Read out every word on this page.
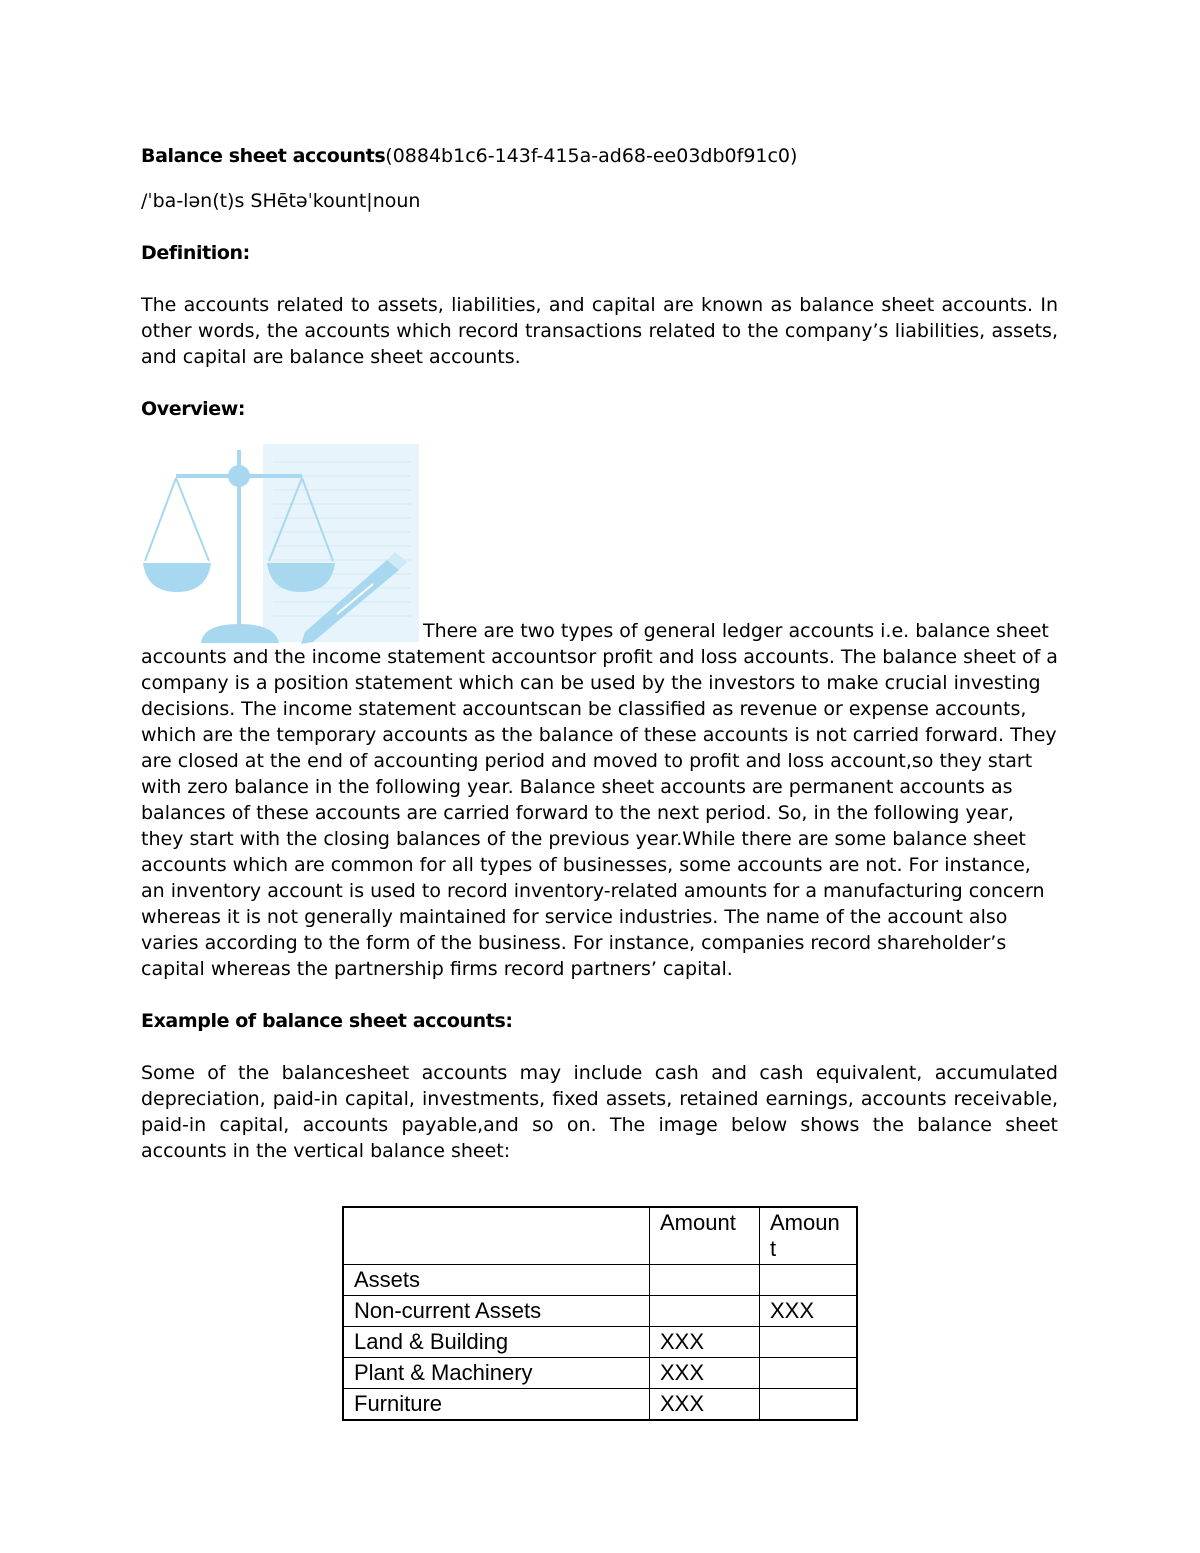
Balance sheet accounts(0884b1c6-143f-415a-ad68-ee03db0f91c0)

/ˈba-lən(t)s SHētəˈkount|noun

Definition:

The accounts related to assets, liabilities, and capital are known as balance sheet accounts. In other words, the accounts which record transactions related to the company’s liabilities, assets, and capital are balance sheet accounts.

Overview:

There are two types of general ledger accounts i.e. balance sheet accounts and the income statement accountsor profit and loss accounts. The balance sheet of a company is a position statement which can be used by the investors to make crucial investing decisions. The income statement accountscan be classified as revenue or expense accounts, which are the temporary accounts as the balance of these accounts is not carried forward. They are closed at the end of accounting period and moved to profit and loss account,so they start with zero balance in the following year. Balance sheet accounts are permanent accounts as balances of these accounts are carried forward to the next period. So, in the following year, they start with the closing balances of the previous year.While there are some balance sheet accounts which are common for all types of businesses, some accounts are not. For instance, an inventory account is used to record inventory-related amounts for a manufacturing concern whereas it is not generally maintained for service industries. The name of the account also varies according to the form of the business. For instance, companies record shareholder’s capital whereas the partnership firms record partners’ capital.

Example of balance sheet accounts:

Some of the balancesheet accounts may include cash and cash equivalent, accumulated depreciation, paid-in capital, investments, fixed assets, retained earnings, accounts receivable, paid-in capital, accounts payable,and so on. The image below shows the balance sheet accounts in the vertical balance sheet:

	Amount	Amoun t
Assets		
Non-current Assets		XXX
Land & Building	XXX	
Plant & Machinery	XXX	
Furniture	XXX	
